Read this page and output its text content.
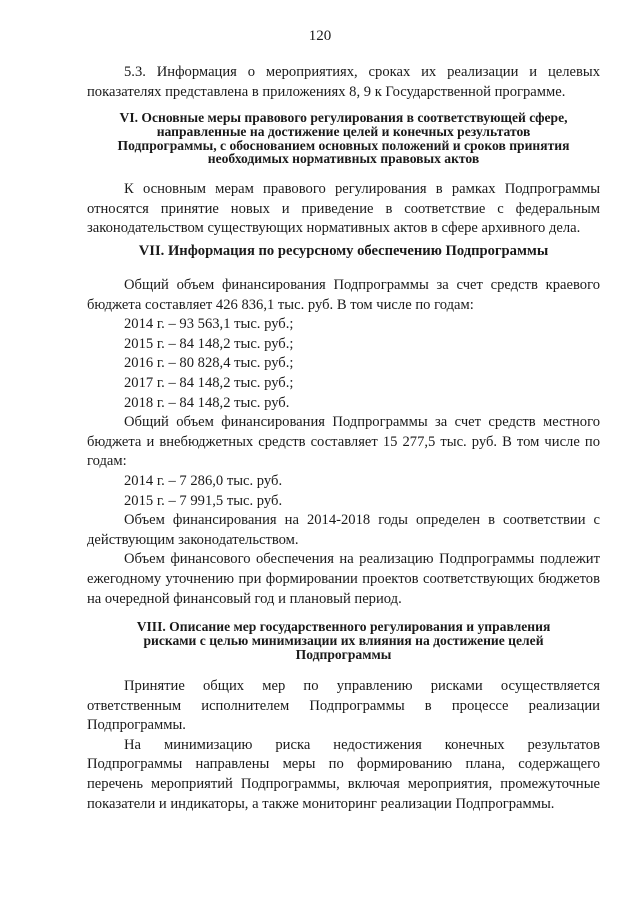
120

5.3. Информация о мероприятиях, сроках их реализации и целевых показателях представлена в приложениях 8, 9 к Государственной программе.

VI. Основные меры правового регулирования в соответствующей сфере,
направленные на достижение целей и конечных результатов
Подпрограммы, с обоснованием основных положений и сроков принятия
необходимых нормативных правовых актов

К основным мерам правового регулирования в рамках Подпрограммы относятся принятие новых и приведение в соответствие с федеральным законодательством существующих нормативных актов в сфере архивного дела.

VII. Информация по ресурсному обеспечению Подпрограммы

Общий объем финансирования Подпрограммы за счет средств краевого бюджета составляет 426 836,1 тыс. руб. В том числе по годам:

2014 г. – 93 563,1 тыс. руб.;

2015 г. – 84 148,2 тыс. руб.;

2016 г. – 80 828,4 тыс. руб.;

2017 г. – 84 148,2 тыс. руб.;

2018 г. – 84 148,2 тыс. руб.

Общий объем финансирования Подпрограммы за счет средств местного бюджета и внебюджетных средств составляет 15 277,5 тыс. руб. В том числе по годам:

2014 г. – 7 286,0 тыс. руб.

2015 г. – 7 991,5 тыс. руб.

Объем финансирования на 2014-2018 годы определен в соответствии с действующим законодательством.

Объем финансового обеспечения на реализацию Подпрограммы подлежит ежегодному уточнению при формировании проектов соответствующих бюджетов на очередной финансовый год и плановый период.

VIII. Описание мер государственного регулирования и управления
рисками с целью минимизации их влияния на достижение целей
Подпрограммы

Принятие общих мер по управлению рисками осуществляется ответственным исполнителем Подпрограммы в процессе реализации Подпрограммы.

На минимизацию риска недостижения конечных результатов Подпрограммы направлены меры по формированию плана, содержащего перечень мероприятий Подпрограммы, включая мероприятия, промежуточные показатели и индикаторы, а также мониторинг реализации Подпрограммы.
